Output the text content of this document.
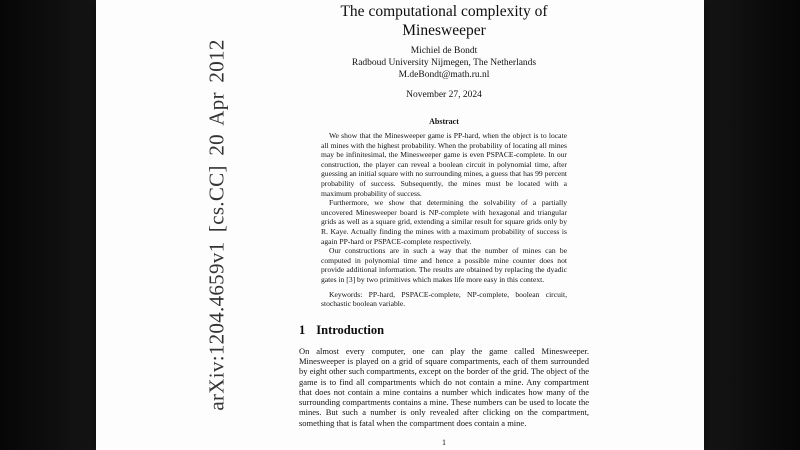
arXiv:1204.4659v1 [cs.CC] 20 Apr 2012
The computational complexity of Minesweeper
Michiel de Bondt
Radboud University Nijmegen, The Netherlands
M.deBondt@math.ru.nl
November 27, 2024
Abstract

We show that the Minesweeper game is PP-hard, when the object is to locate all mines with the highest probability. When the probability of locating all mines may be infinitesimal, the Minesweeper game is even PSPACE-complete. In our construction, the player can reveal a boolean circuit in polynomial time, after guessing an initial square with no surrounding mines, a guess that has 99 percent probability of success. Subsequently, the mines must be located with a maximum probability of success.

Furthermore, we show that determining the solvability of a partially uncovered Minesweeper board is NP-complete with hexagonal and triangular grids as well as a square grid, extending a similar result for square grids only by R. Kaye. Actually finding the mines with a maximum probability of success is again PP-hard or PSPACE-complete respectively.

Our constructions are in such a way that the number of mines can be computed in polynomial time and hence a possible mine counter does not provide additional information. The results are obtained by replacing the dyadic gates in [3] by two primitives which makes life more easy in this context.

Keywords: PP-hard, PSPACE-complete, NP-complete, boolean circuit, stochastic boolean variable.

1 Introduction

On almost every computer, one can play the game called Minesweeper. Minesweeper is played on a grid of square compartments, each of them surrounded by eight other such compartments, except on the border of the grid. The object of the game is to find all compartments which do not contain a mine. Any compartment that does not contain a mine contains a number which indicates how many of the surrounding compartments contains a mine. These numbers can be used to locate the mines. But such a number is only revealed after clicking on the compartment, something that is fatal when the compartment does contain a mine.

1
